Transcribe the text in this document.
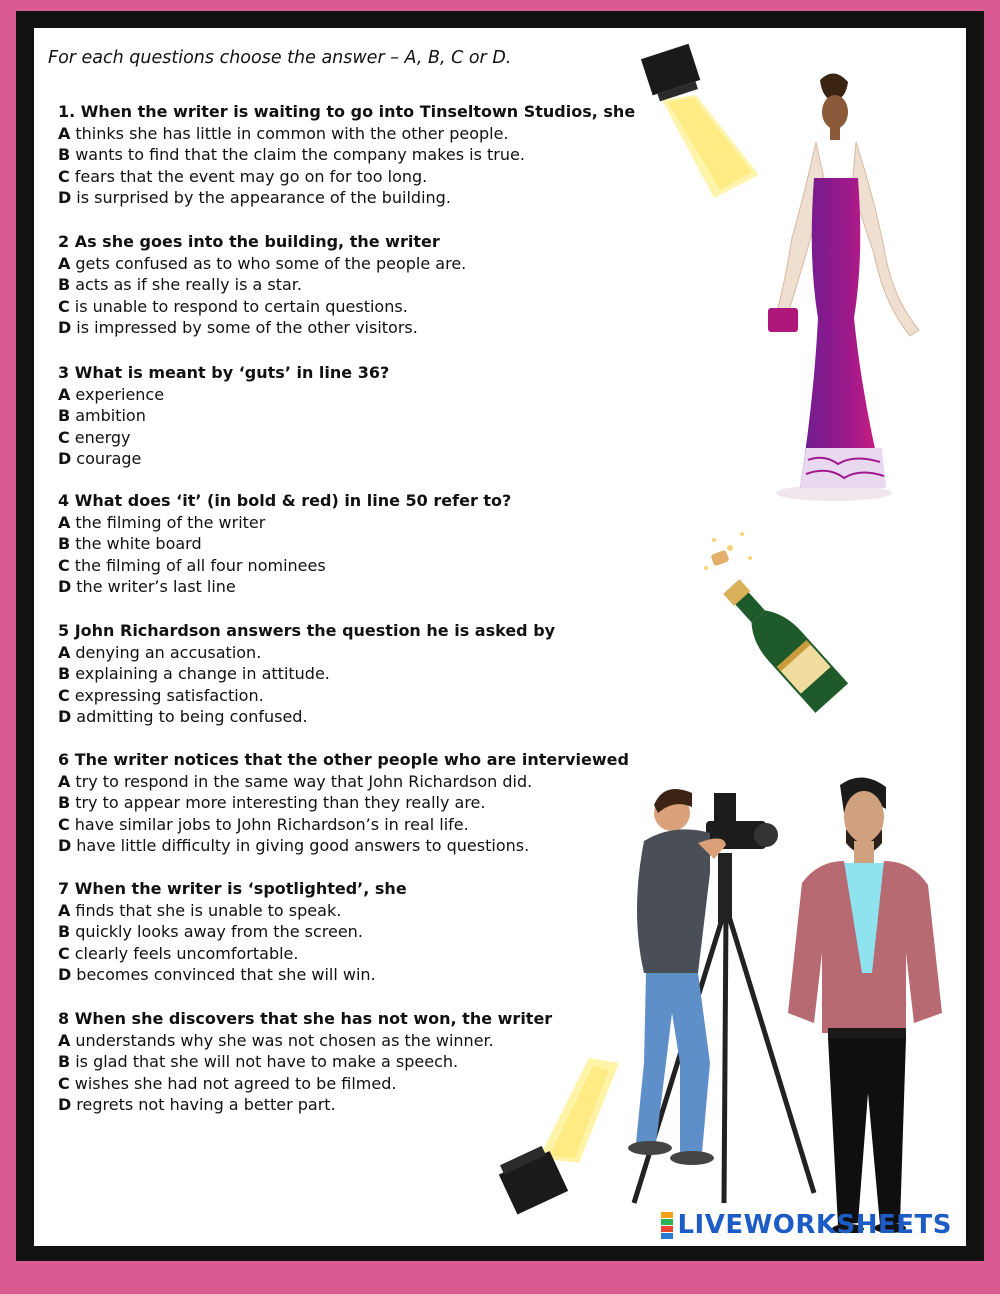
For each questions choose the answer – A, B, C or D.

1. When the writer is waiting to go into Tinseltown Studios, she
A thinks she has little in common with the other people.
B wants to find that the claim the company makes is true.
C fears that the event may go on for too long.
D is surprised by the appearance of the building.
2 As she goes into the building, the writer
A gets confused as to who some of the people are.
B acts as if she really is a star.
C is unable to respond to certain questions.
D is impressed by some of the other visitors.
3 What is meant by ‘guts’ in line 36?
A experience
B ambition
C energy
D courage
4 What does ‘it’ (in bold & red) in line 50 refer to?
A the filming of the writer
B the white board
C the filming of all four nominees
D the writer’s last line
5 John Richardson answers the question he is asked by
A denying an accusation.
B explaining a change in attitude.
C expressing satisfaction.
D admitting to being confused.
6 The writer notices that the other people who are interviewed
A try to respond in the same way that John Richardson did.
B try to appear more interesting than they really are.
C have similar jobs to John Richardson’s in real life.
D have little difficulty in giving good answers to questions.
7 When the writer is ‘spotlighted’, she
A finds that she is unable to speak.
B quickly looks away from the screen.
C clearly feels uncomfortable.
D becomes convinced that she will win.
8 When she discovers that she has not won, the writer
A understands why she was not chosen as the winner.
B is glad that she will not have to make a speech.
C wishes she had not agreed to be filmed.
D regrets not having a better part.
LIVEWORKSHEETS
